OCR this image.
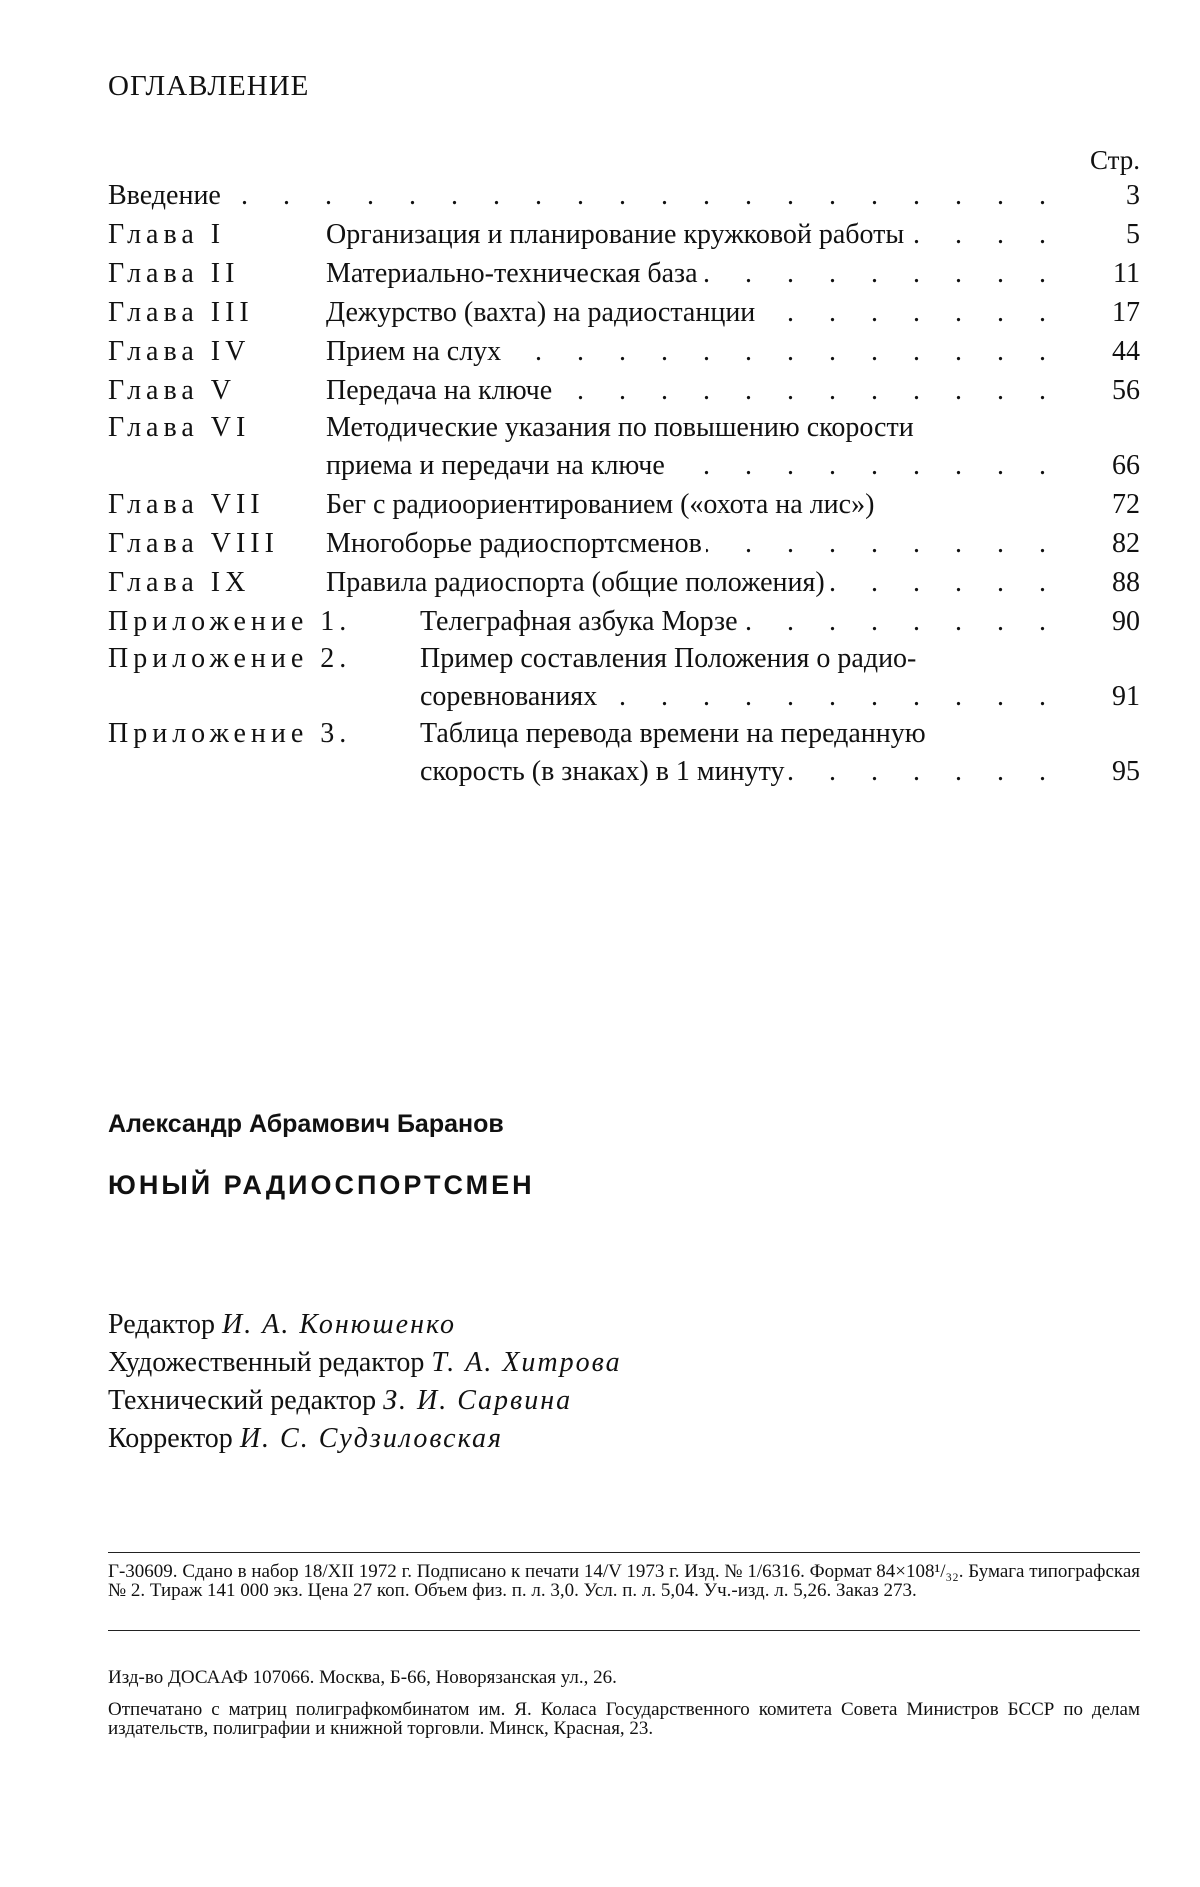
ОГЛАВЛЕНИЕ
Стр.
Введение	. . . . . . . . . . . . . . . . . . . .	3
Глава I	Организация и планирование кружковой работы	. . . .	5
Глава II	Материально-техническая база	. . . . . . . . .	11
Глава III	Дежурство (вахта) на радиостанции	. . . . . . .	17
Глава IV	Прием на слух	. . . . . . . . . . . . .	44
Глава V	Передача на ключе	. . . . . . . . . . . .	56
Глава VI	Методические указания по повышению скорости
приема и передачи на ключе	. . . . . . . . .	66
Глава VII Бег с радиоориентированием («охота на лис»)	72
Глава VIII Многоборье радиоспортсменов	. . . . . . . .	82
Глава IX	Правила радиоспорта (общие положения)	. . . . . .	88
Приложение 1. Телеграфная азбука Морзе	. . . . . . . .	90
Приложение 2. Пример составления Положения о радио-
соревнованиях	. . . . . . . . . . .	91
Приложение 3. Таблица перевода времени на переданную
скорость (в знаках) в 1 минуту	. . . . . . .	95
Александр Абрамович Баранов
ЮНЫЙ РАДИОСПОРТСМЕН
Редактор И. А. Конюшенко
Художественный редактор Т. А. Хитрова
Технический редактор З. И. Сарвина
Корректор И. С. Судзиловская
Г-30609. Сдано в набор 18/XII 1972 г. Подписано к печати 14/V 1973 г. Изд. № 1/6316. Формат 84×108¹/₃₂. Бумага типографская № 2. Тираж 141 000 экз. Цена 27 коп. Объем физ. п. л. 3,0. Усл. п. л. 5,04. Уч.-изд. л. 5,26. Заказ 273.
Изд-во ДОСААФ 107066. Москва, Б-66, Новорязанская ул., 26.
Отпечатано с матриц полиграфкомбинатом им. Я. Коласа Государственного комитета Совета Министров БССР по делам издательств, полиграфии и книжной торговли. Минск, Красная, 23.
